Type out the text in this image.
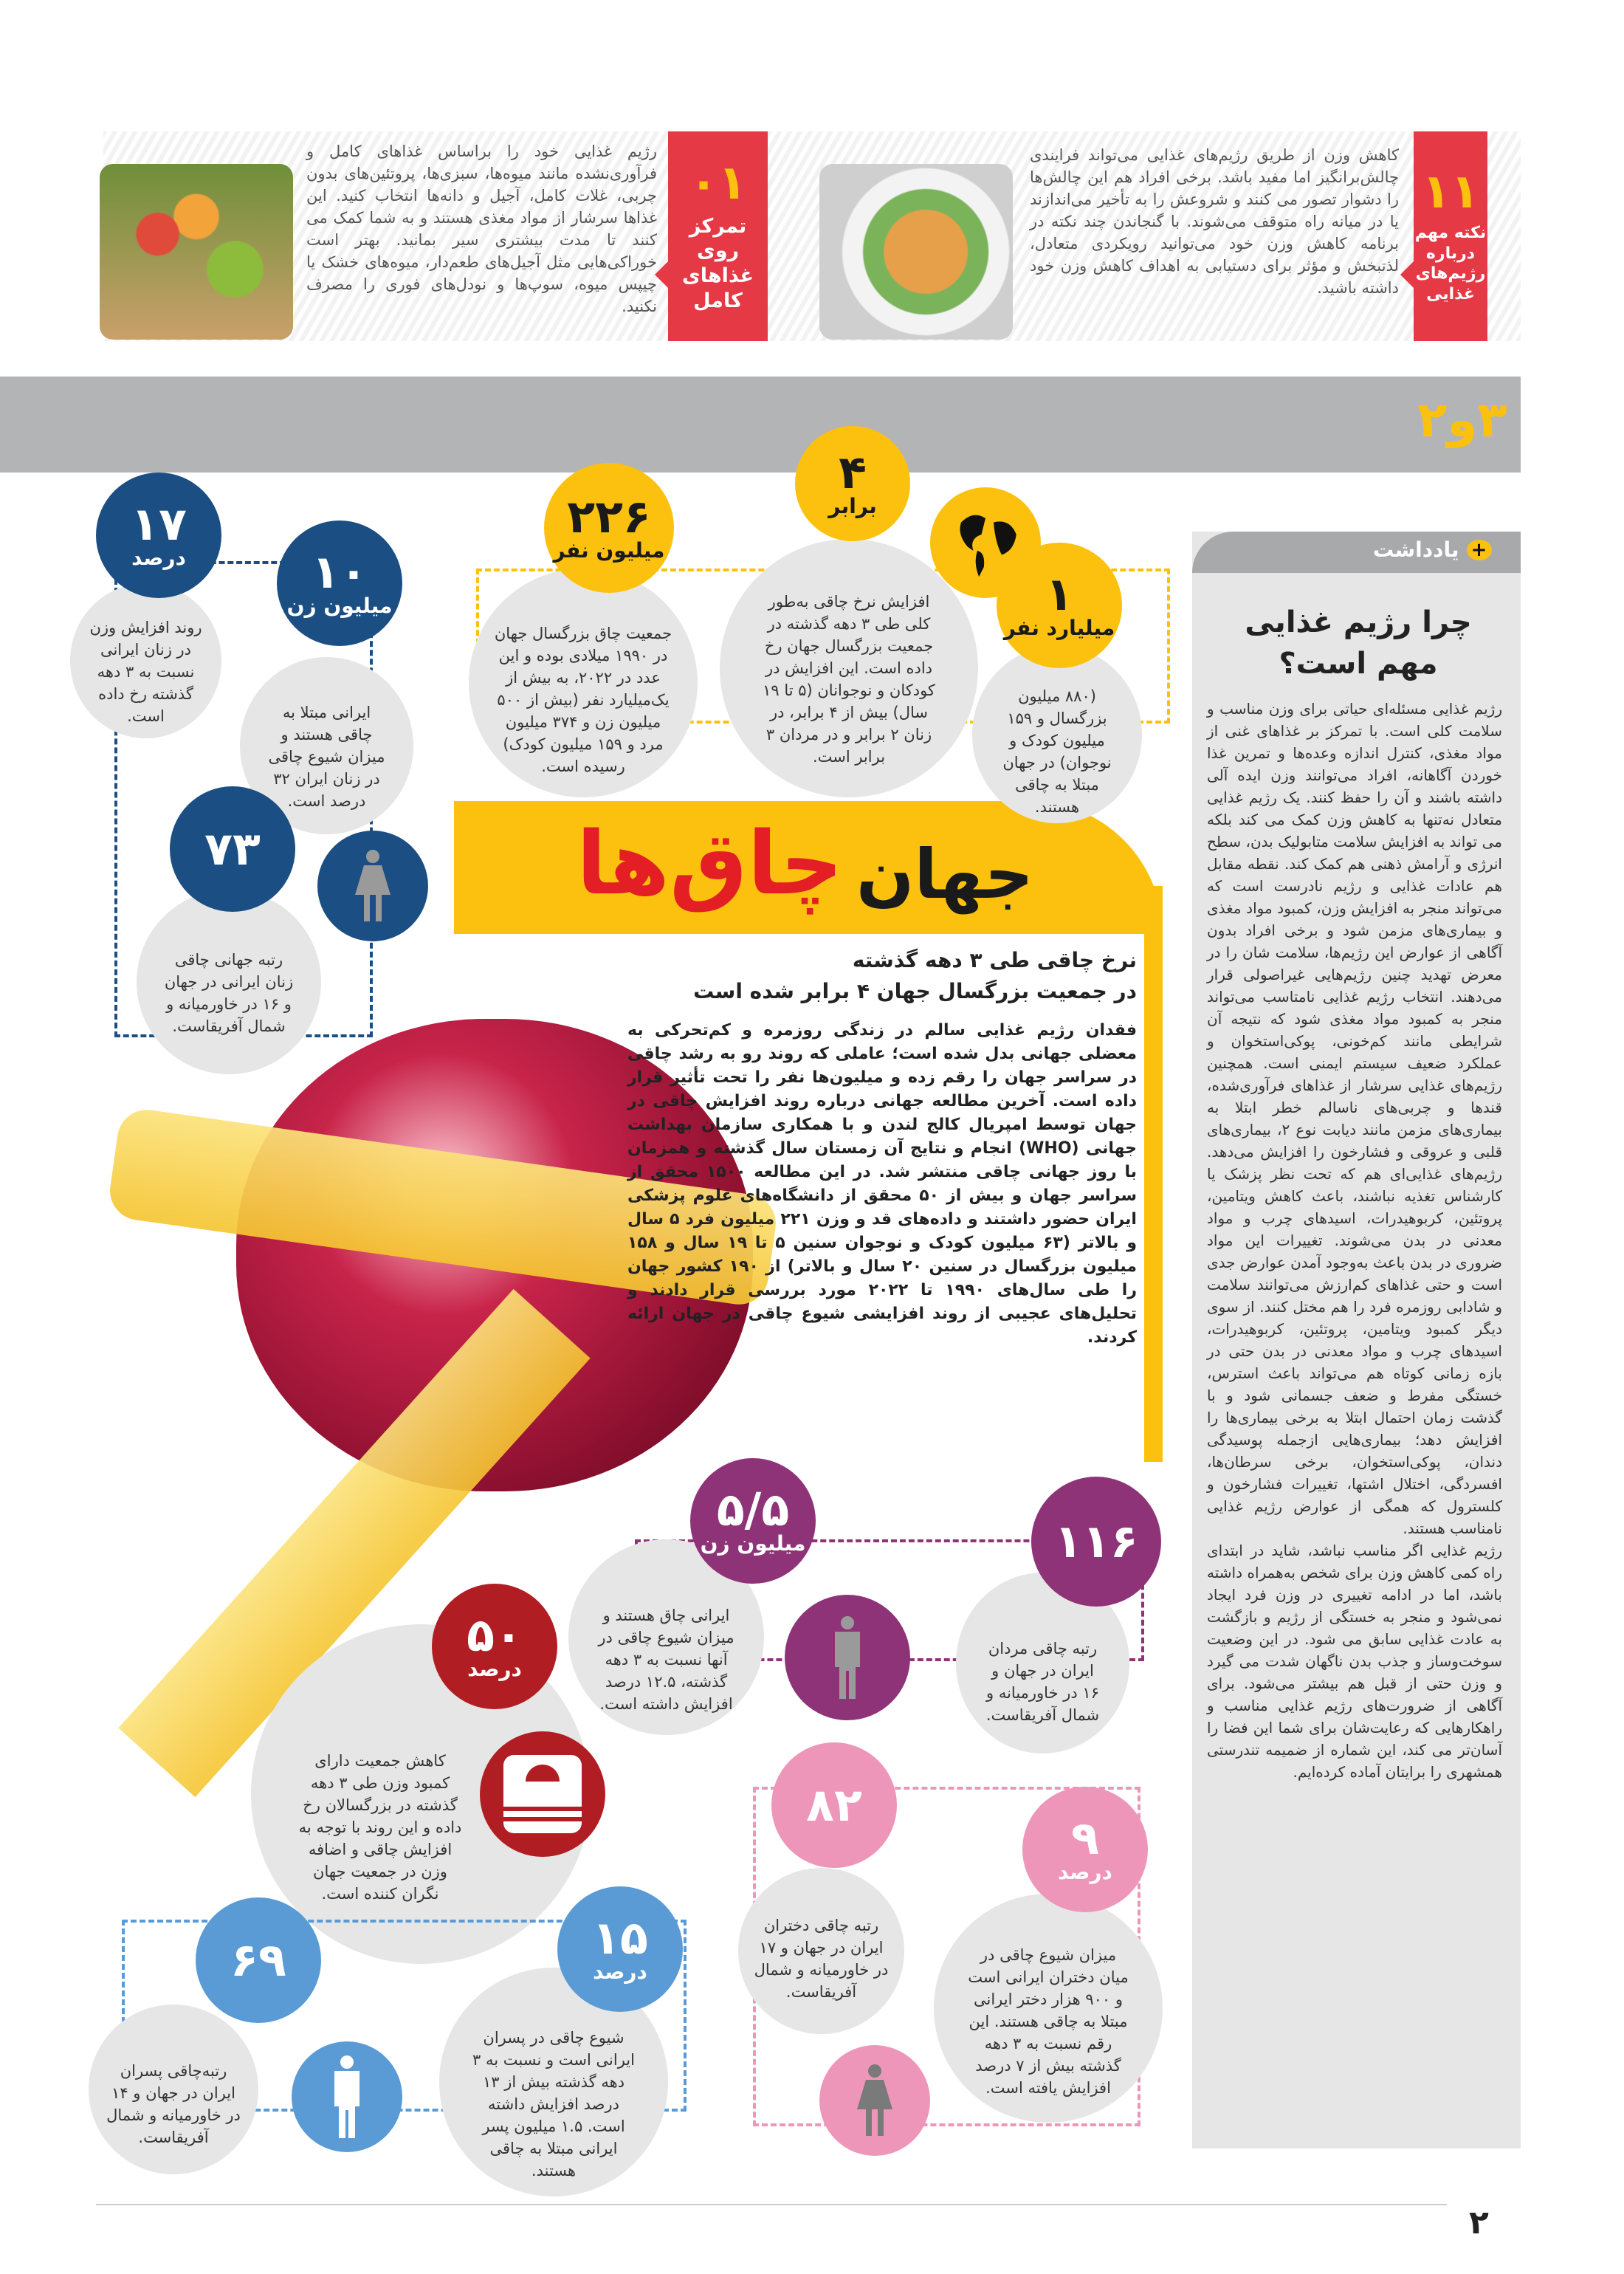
۱۱
نکته مهم درباره رژیم‌های غذایی
کاهش وزن از طریق رژیم‌های غذایی می‌تواند فرایندی چالش‌برانگیز اما مفید باشد. برخی افراد هم این چالش‌ها را دشوار تصور می کنند و شروعش را به تأخیر می‌اندازند یا در میانه راه متوقف می‌شوند. با گنجاندن چند نکته در برنامه کاهش وزن خود می‌توانید رویکردی متعادل، لذتبخش و مؤثر برای دستیابی به اهداف کاهش وزن خود داشته باشید.
۰۱
تمرکز روی غذاهای کامل
رژیم غذایی خود را براساس غذاهای کامل و فرآوری‌نشده مانند میوه‌ها، سبزی‌ها، پروتئین‌های بدون چربی، غلات کامل، آجیل و دانه‌ها انتخاب کنید. این غذاها سرشار از مواد مغذی هستند و به شما کمک می کنند تا مدت بیشتری سیر بمانید. بهتر است خوراکی‌هایی مثل آجیل‌های طعم‌دار، میوه‌های خشک یا چیپس میوه، سوپ‌ها و نودل‌های فوری را مصرف نکنید.
۳و۲
+
یادداشت
چرا رژیم غذایی مهم است؟

رژیم غذایی مسئله‌ای حیاتی برای وزن مناسب و سلامت کلی است. با تمرکز بر غذاهای غنی از مواد مغذی، کنترل اندازه وعده‌ها و تمرین غذا خوردن آگاهانه، افراد می‌توانند وزن ایده آلی داشته باشند و آن را حفظ کنند. یک رژیم غذایی متعادل نه‌تنها به کاهش وزن کمک می کند بلکه می تواند به افزایش سلامت متابولیک بدن، سطح انرژی و آرامش ذهنی هم کمک کند. نقطه مقابل هم عادات غذایی و رژیم نادرست است که می‌تواند منجر به افزایش وزن، کمبود مواد مغذی و بیماری‌های مزمن شود و برخی افراد بدون آگاهی از عوارض این رژیم‌ها، سلامت شان را در معرض تهدید چنین رژیم‌هایی غیراصولی قرار می‌دهند. انتخاب رژیم غذایی نامتاسب می‌تواند منجر به کمبود مواد مغذی شود که نتیجه آن شرایطی مانند کم‌خونی، پوکی‌استخوان و عملکرد ضعیف سیستم ایمنی است. همچنین رژیم‌های غذایی سرشار از غذاهای فرآوری‌شده، قندها و چربی‌های ناسالم خطر ابتلا به بیماری‌های مزمن مانند دیابت نوع ۲، بیماری‌های قلبی و عروقی و فشارخون را افزایش می‌دهد. رژیم‌های غذایی‌ای هم که تحت نظر پزشک یا کارشناس تغذیه نباشند، باعث کاهش ویتامین، پروتئین، کربوهیدرات، اسیدهای چرب و مواد معدنی در بدن می‌شوند. تغییرات این مواد ضروری در بدن باعث به‌وجود آمدن عوارض جدی است و حتی غذاهای کم‌ارزش می‌توانند سلامت و شادابی روزمره فرد را هم مختل کنند. از سوی دیگر کمبود ویتامین، پروتئین، کربوهیدرات، اسیدهای چرب و مواد معدنی در بدن حتی در بازه زمانی کوتاه هم می‌تواند باعث استرس، خستگی مفرط و ضعف جسمانی شود و با گذشت زمان احتمال ابتلا به برخی بیماری‌ها را افزایش دهد؛ بیماری‌هایی ازجمله پوسیدگی دندان، پوکی‌استخوان، برخی سرطان‌ها، افسردگی، اختلال اشتها، تغییرات فشارخون و کلسترول که همگی از عوارض رژیم غذایی نامناسب هستند.

رژیم غذایی اگر مناسب نباشد، شاید در ابتدای راه کمی کاهش وزن برای شخص به‌همراه داشته باشد، اما در ادامه تغییری در وزن فرد ایجاد نمی‌شود و منجر به خستگی از رژیم و بازگشت به عادت غذایی سابق می شود. در این وضعیت سوخت‌وساز و جذب بدن ناگهان شدت می گیرد و وزن حتی از قبل هم بیشتر می‌شود. برای آگاهی از ضرورت‌های رژیم غذایی مناسب و راهکارهایی که رعایت‌شان برای شما این فضا را آسان‌تر می کند، این شماره از ضمیمه تندرستی همشهری را برایتان آماده کرده‌ایم.

جهان
چاق‌ها
نرخ چاقی طی ۳ دهه گذشته
در جمعیت بزرگسال جهان ۴ برابر شده است
فقدان رژیم غذایی سالم در زندگی روزمره و کم‌تحرکی به معضلی جهانی بدل شده است؛ عاملی که روند رو به رشد چاقی در سراسر جهان را رقم زده و میلیون‌ها نفر را تحت تأثیر قرار داده است. آخرین مطالعه جهانی درباره روند افزایش چاقی در جهان توسط امپریال کالج لندن و با همکاری سازمان بهداشت جهانی (WHO) انجام و نتایج آن زمستان سال گذشته و همزمان با روز جهانی چاقی منتشر شد. در این مطالعه ۱۵۰۰ محقق از سراسر جهان و بیش از ۵۰ محقق از دانشگاه‌های علوم پزشکی ایران حضور داشتند و داده‌های قد و وزن ۲۲۱ میلیون فرد ۵ سال و بالاتر (۶۳ میلیون کودک و نوجوان سنین ۵ تا ۱۹ سال و ۱۵۸ میلیون بزرگسال در سنین ۲۰ سال و بالاتر) از ۱۹۰ کشور جهان را طی سال‌های ۱۹۹۰ تا ۲۰۲۲ مورد بررسی قرار دادند و تحلیل‌های عجیبی از روند افزایشی شیوع چاقی در جهان ارائه کردند.
(۸۸۰ میلیون بزرگسال و ۱۵۹ میلیون کودک و نوجوان) در جهان مبتلا به چاقی هستند.
۱
میلیارد نفر
افزایش نرخ چاقی به‌طور کلی طی ۳ دهه گذشته در جمعیت بزرگسال جهان رخ داده است. این افزایش در کودکان و نوجوانان (۵ تا ۱۹ سال) بیش از ۴ برابر، در زنان ۲ برابر و در مردان ۳ برابر است.
۴
برابر
جمعیت چاق بزرگسال جهان در ۱۹۹۰ میلادی بوده و این عدد در ۲۰۲۲، به بیش از یک‌میلیارد نفر (بیش از ۵۰۰ میلیون زن و ۳۷۴ میلیون مرد و ۱۵۹ میلیون کودک) رسیده است.
۲۲۶
میلیون نفر
روند افزایش وزن در زنان ایرانی نسبت به ۳ دهه گذشته رخ داده است.
۱۷
درصد
ایرانی مبتلا به چاقی هستند و میزان شیوع چاقی در زنان ایران ۳۲ درصد است.
۱۰
میلیون زن
رتبه جهانی چاقی زنان ایرانی در جهان و ۱۶ در خاورمیانه و شمال آفریقاست.
۷۳
ایرانی چاق هستند و میزان شیوع چاقی در آنها نسبت به ۳ دهه گذشته، ۱۲.۵ درصد افزایش داشته است.
۵/۵
میلیون زن
رتبه چاقی مردان ایران در جهان و ۱۶ در خاورمیانه و شمال آفریقاست.
۱۱۶
کاهش جمعیت دارای کمبود وزن طی ۳ دهه گذشته در بزرگسالان رخ داده و این روند با توجه به افزایش چاقی و اضافه وزن در جمعیت جهان نگران کننده است.
۵۰
درصد
رتبه چاقی دختران ایران در جهان و ۱۷ در خاورمیانه و شمال آفریقاست.
۸۲
میزان شیوع چاقی در میان دختران ایرانی است و ۹۰۰ هزار دختر ایرانی مبتلا به چاقی هستند. این رقم نسبت به ۳ دهه گذشته بیش از ۷ درصد افزایش یافته است.
۹
درصد
رتبه‌چاقی پسران ایران در جهان و ۱۴ در خاورمیانه و شمال آفریقاست.
۶۹
شیوع چاقی در پسران ایرانی است و نسبت به ۳ دهه گذشته بیش از ۱۳ درصد افزایش داشته است. ۱.۵ میلیون پسر ایرانی مبتلا به چاقی هستند.
۱۵
درصد
۲
